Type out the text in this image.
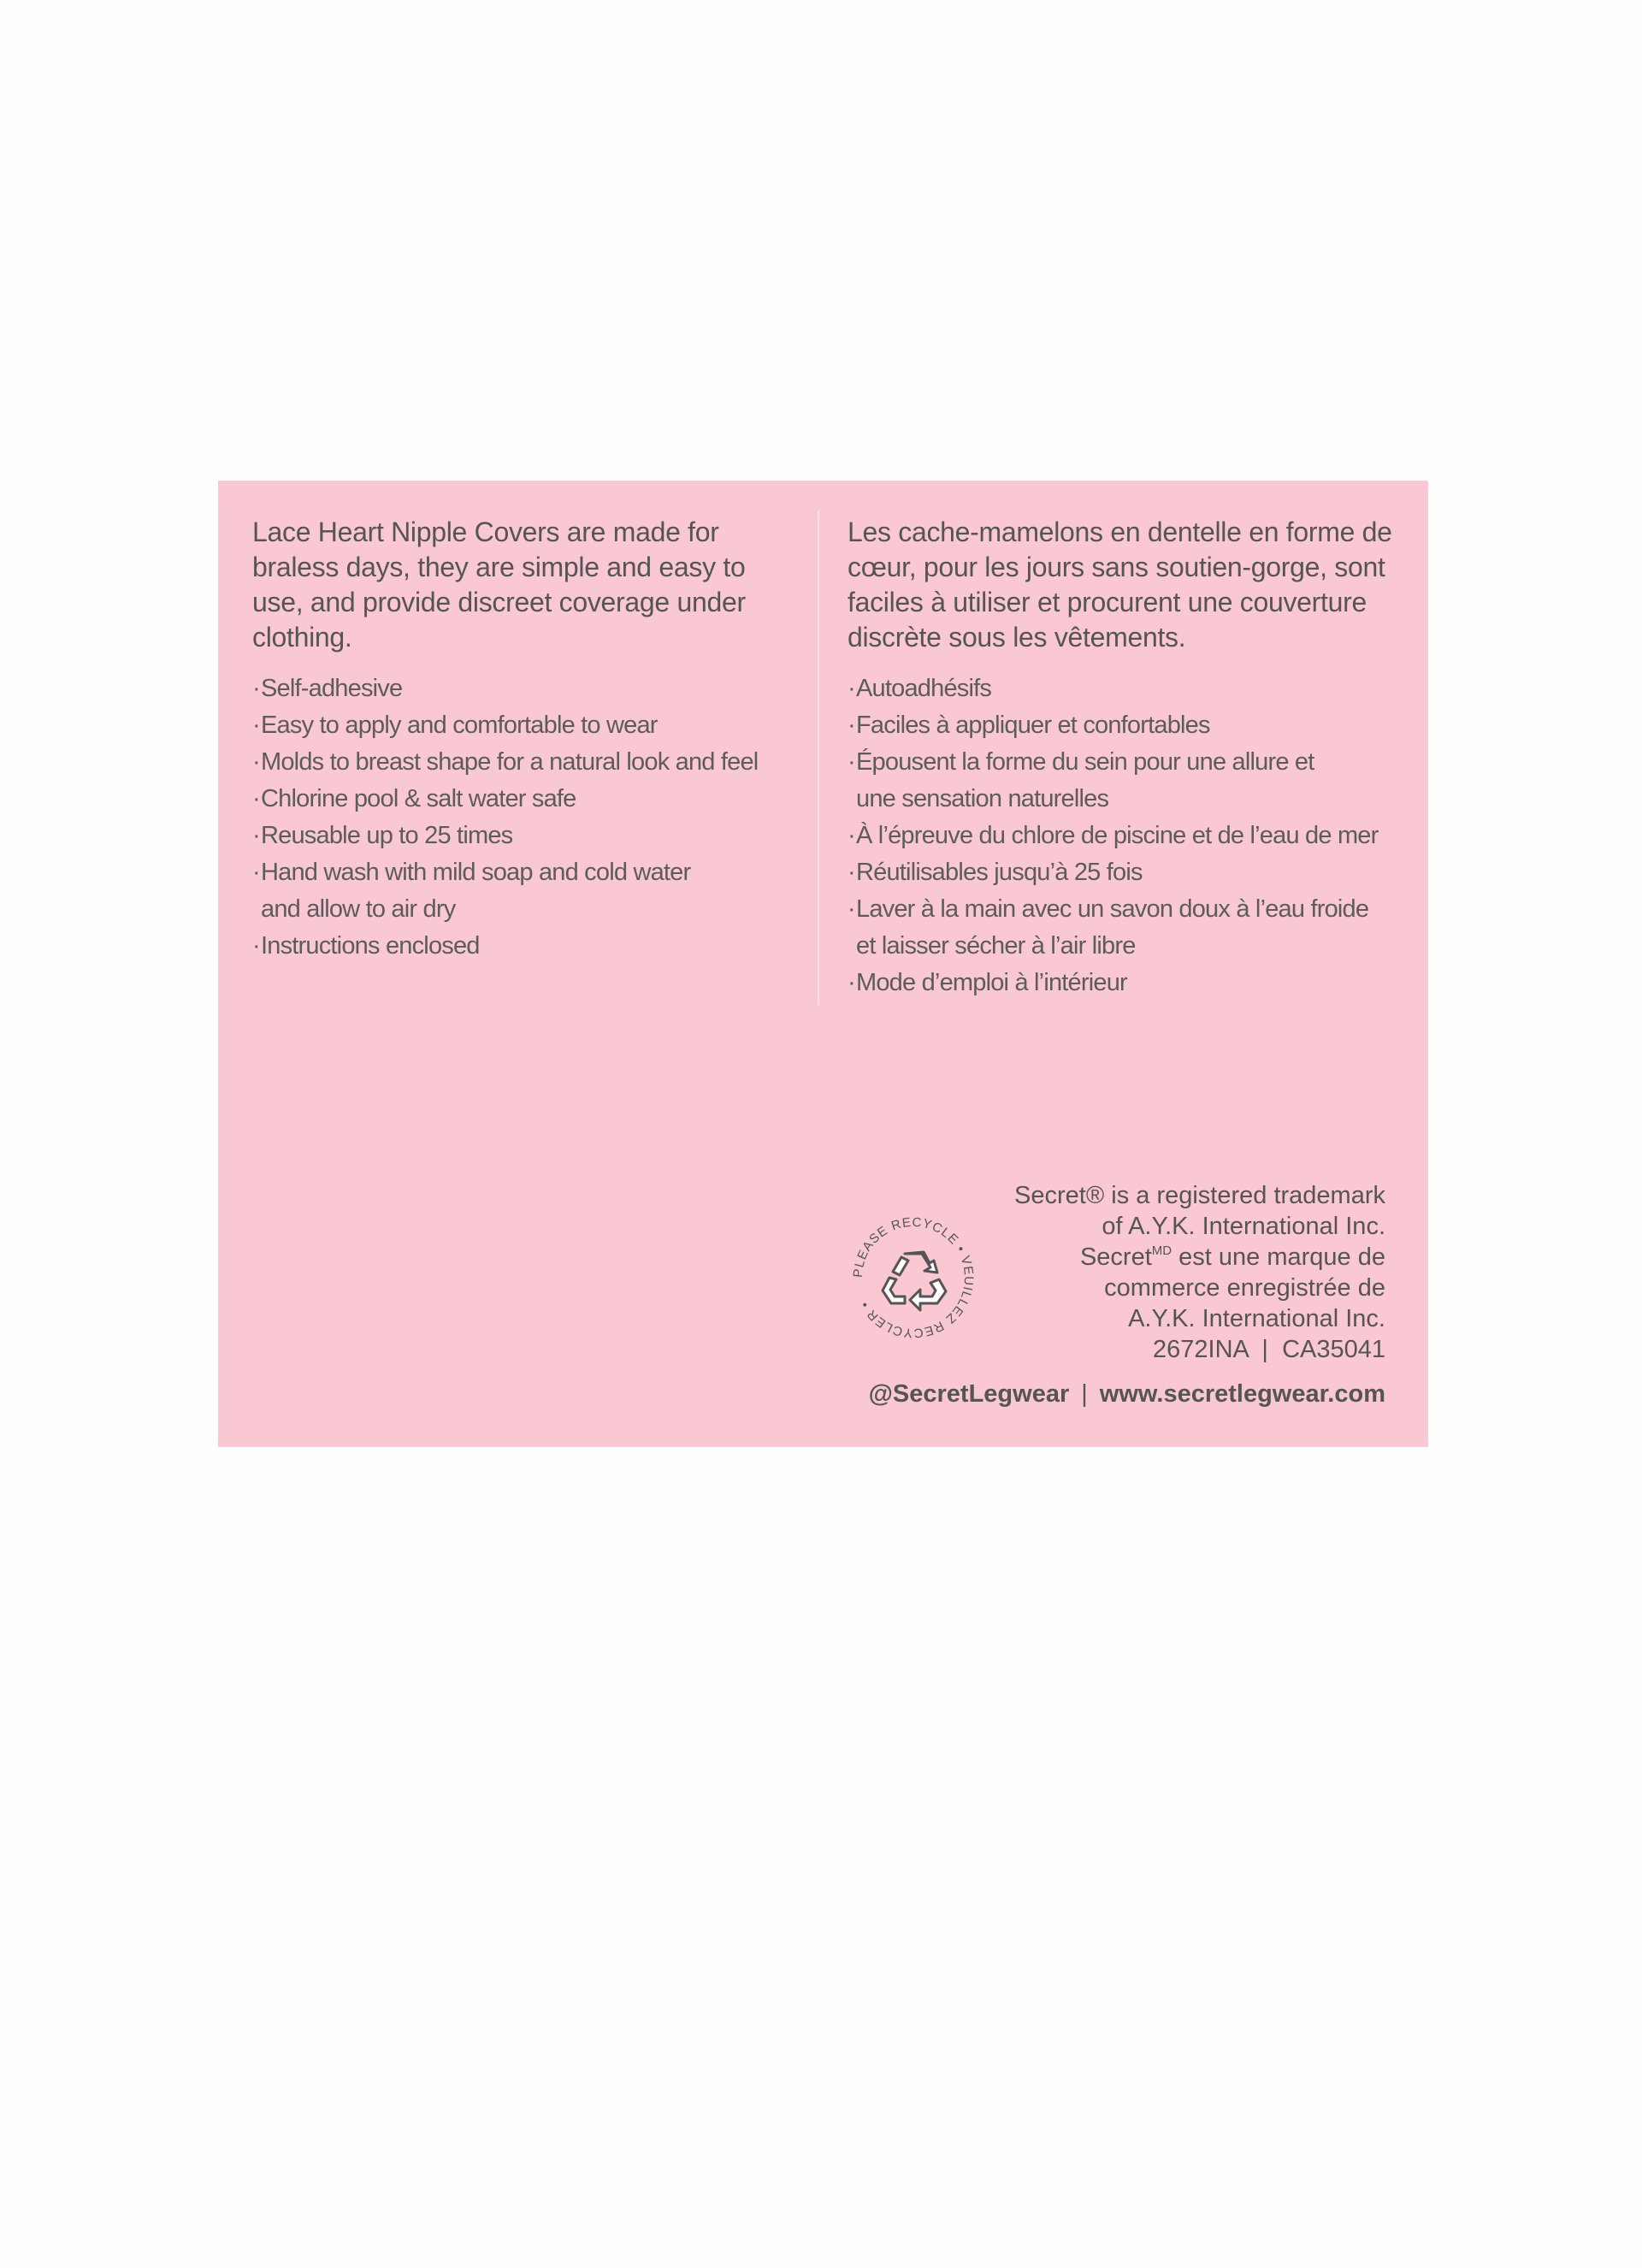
Lace Heart Nipple Covers are made for braless days, they are simple and easy to use, and provide discreet coverage under clothing.

·Self-adhesive
·Easy to apply and comfortable to wear
·Molds to breast shape for a natural look and feel
·Chlorine pool & salt water safe
·Reusable up to 25 times
·Hand wash with mild soap and cold water
and allow to air dry
·Instructions enclosed

Les cache-mamelons en dentelle en forme de cœur, pour les jours sans soutien-gorge, sont faciles à utiliser et procurent une couverture discrète sous les vêtements.

·Autoadhésifs
·Faciles à appliquer et confortables
·Épousent la forme du sein pour une allure et
une sensation naturelles
·À l’épreuve du chlore de piscine et de l’eau de mer
·Réutilisables jusqu’à 25 fois
·Laver à la main avec un savon doux à l’eau froide
et laisser sécher à l’air libre
·Mode d’emploi à l’intérieur
PLEASE RECYCLE • VEUILLEZ RECYCLER •
Secret® is a registered trademark
of A.Y.K. International Inc.
Secret$^{MD}$ est une marque de
commerce enregistrée de
A.Y.K. International Inc.
2672INA  |  CA35041
@SecretLegwear | www.secretlegwear.com
